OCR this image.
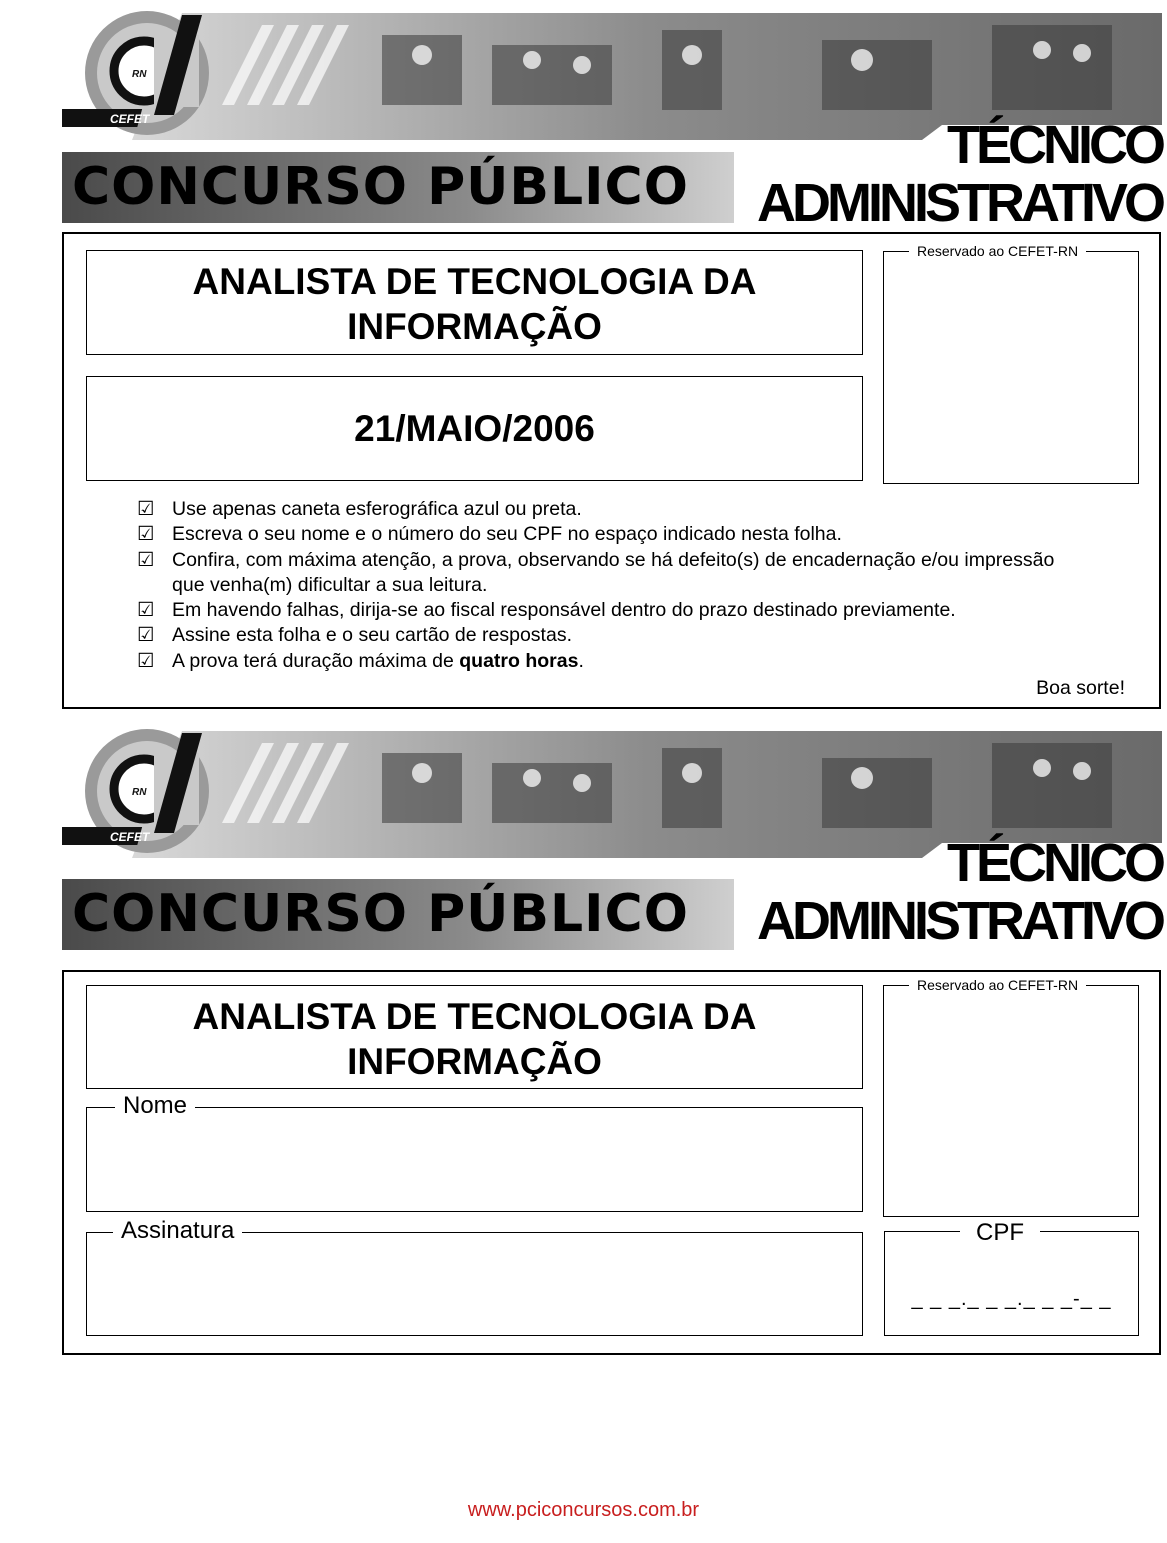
CEFET
RN
CONCURSO PÚBLICO
TÉCNICO
ADMINISTRATIVO
ANALISTA DE TECNOLOGIA DA INFORMAÇÃO
21/MAIO/2006
Reservado ao CEFET-RN
☑ Use apenas caneta esferográfica azul ou preta.
☑ Escreva o seu nome e o número do seu CPF no espaço indicado nesta folha.
☑ Confira, com máxima atenção, a prova, observando se há defeito(s) de encadernação e/ou impressão que venha(m) dificultar a sua leitura.
☑ Em havendo falhas, dirija-se ao fiscal responsável dentro do prazo destinado previamente.
☑ Assine esta folha e o seu cartão de respostas.
☑ A prova terá duração máxima de quatro horas.
Boa sorte!
CEFET
RN
CONCURSO PÚBLICO
TÉCNICO
ADMINISTRATIVO
ANALISTA DE TECNOLOGIA DA INFORMAÇÃO
Nome
Assinatura
Reservado ao CEFET-RN
CPF
_ _ _._ _ _._ _ _-_ _
www.pciconcursos.com.br
